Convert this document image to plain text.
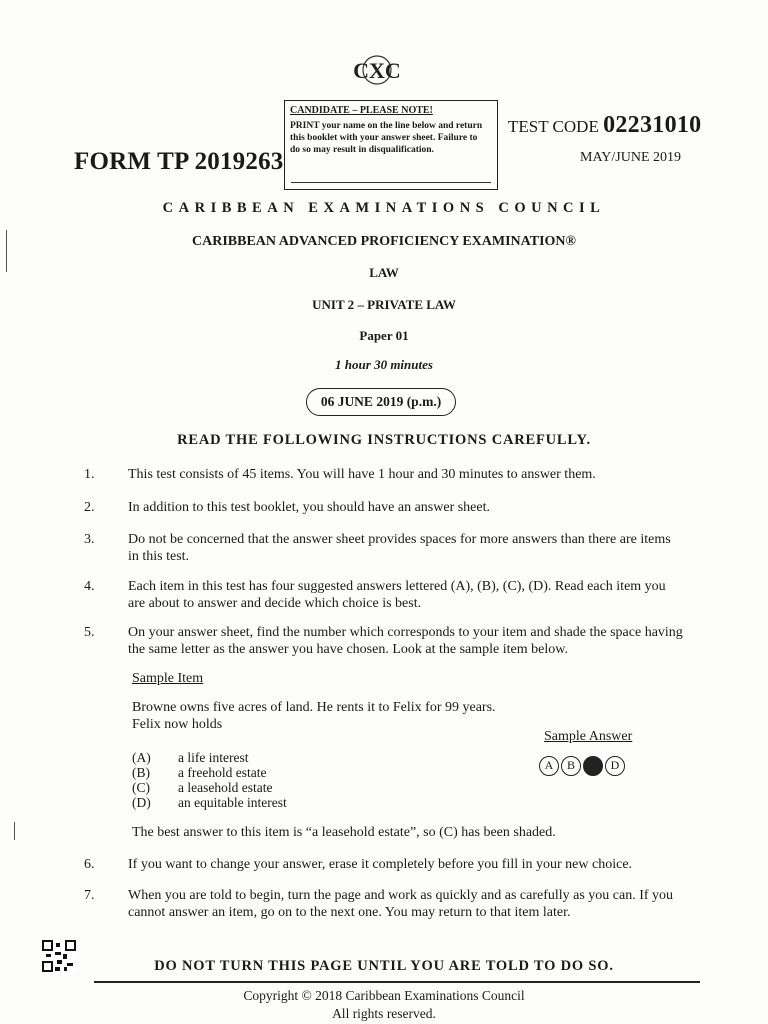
CXC
CANDIDATE – PLEASE NOTE!
PRINT your name on the line below and return
this booklet with your answer sheet. Failure to
do so may result in disqualification.
TEST CODE 02231010
MAY/JUNE 2019
FORM TP 2019263
CARIBBEAN EXAMINATIONS COUNCIL
CARIBBEAN ADVANCED PROFICIENCY EXAMINATION®
LAW
UNIT 2 – PRIVATE LAW
Paper 01
1 hour 30 minutes
06 JUNE 2019 (p.m.)
READ THE FOLLOWING INSTRUCTIONS CAREFULLY.
1.	This test consists of 45 items. You will have 1 hour and 30 minutes to answer them.
2.	In addition to this test booklet, you should have an answer sheet.
3.	Do not be concerned that the answer sheet provides spaces for more answers than there are items in this test.
4.	Each item in this test has four suggested answers lettered (A), (B), (C), (D). Read each item you are about to answer and decide which choice is best.
5.	On your answer sheet, find the number which corresponds to your item and shade the space having the same letter as the answer you have chosen. Look at the sample item below.
Sample Item
Browne owns five acres of land. He rents it to Felix for 99 years.
Felix now holds
(A) a life interest
(B) a freehold estate
(C) a leasehold estate
(D) an equitable interest
Sample Answer
A	B	C	D
The best answer to this item is “a leasehold estate”, so (C) has been shaded.
6.	If you want to change your answer, erase it completely before you fill in your new choice.
7.	When you are told to begin, turn the page and work as quickly and as carefully as you can. If you cannot answer an item, go on to the next one. You may return to that item later.
DO NOT TURN THIS PAGE UNTIL YOU ARE TOLD TO DO SO.
Copyright © 2018 Caribbean Examinations Council
All rights reserved.
